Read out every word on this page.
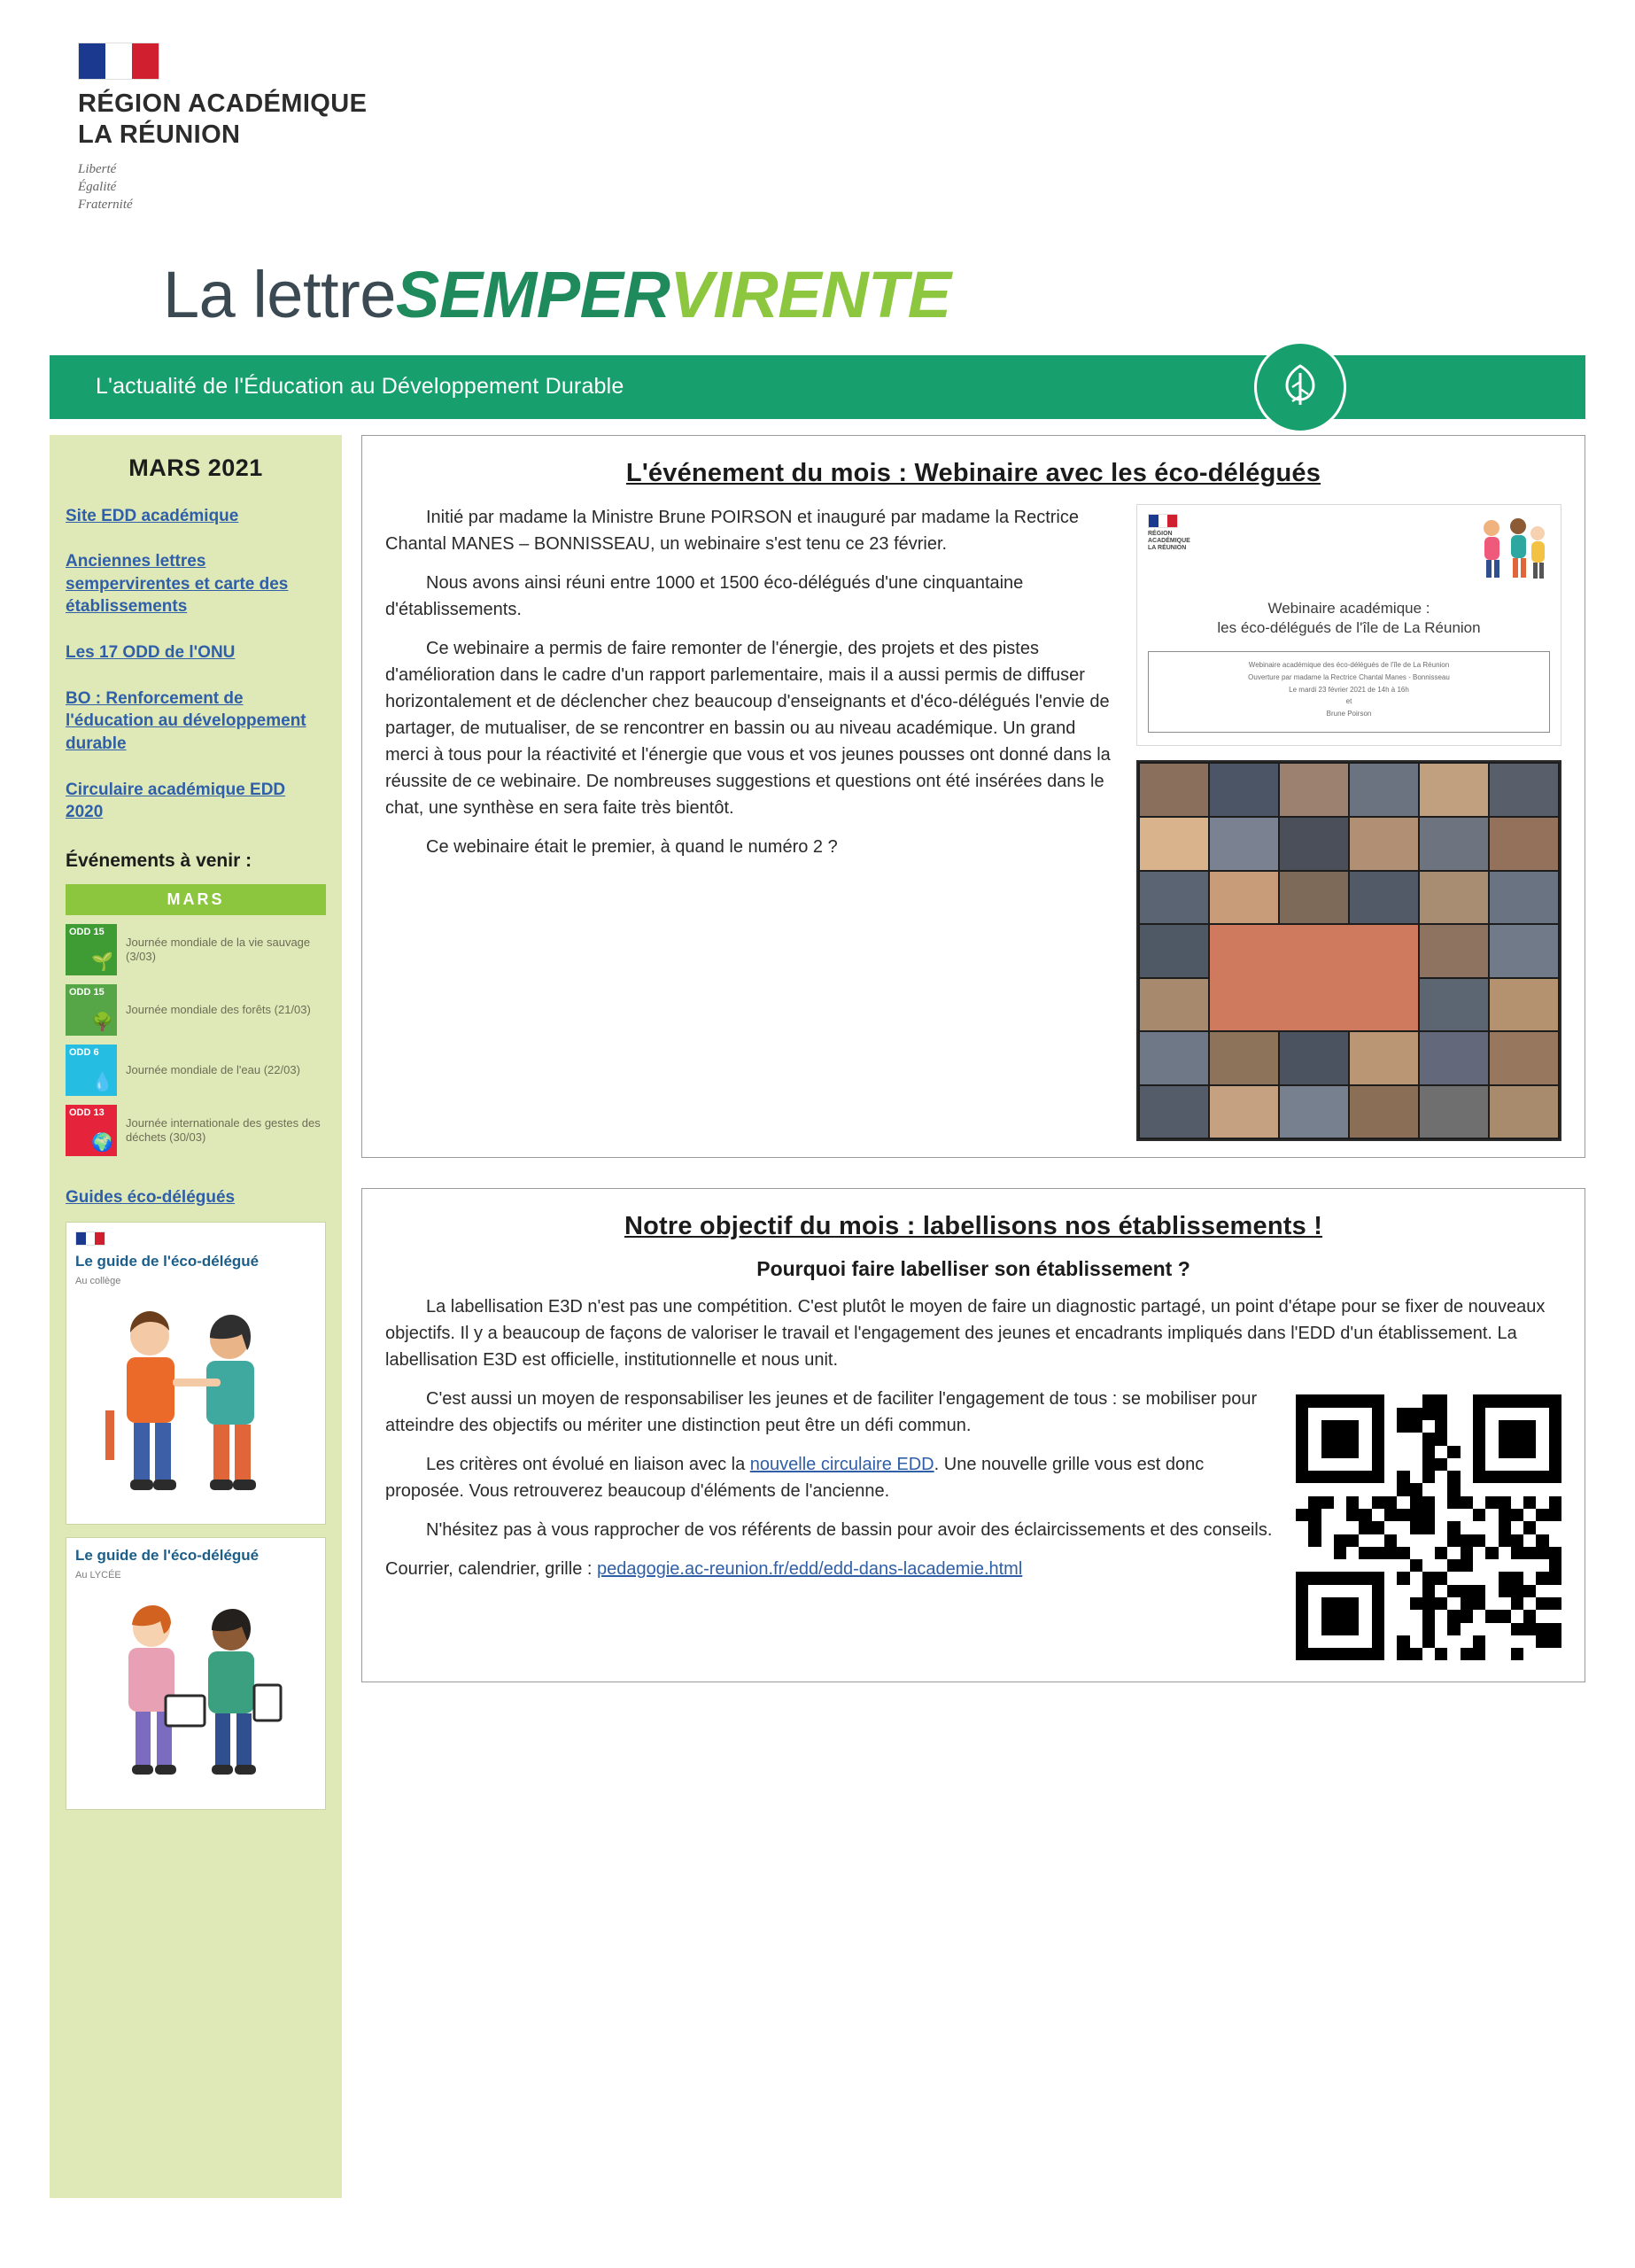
RÉGION ACADÉMIQUE
LA RÉUNION
Liberté
Égalité
Fraternité
La lettre SEMPER VIRENTE
L'actualité de l'Éducation au Développement Durable
MARS 2021
Site EDD académique
Anciennes lettres sempervirentes et carte des établissements
Les 17 ODD de l'ONU
BO : Renforcement de l'éducation au développement durable
Circulaire académique EDD 2020
Événements à venir :
MARS
ODD 15
🌱
Journée mondiale de la vie sauvage (3/03)
ODD 15
🌳
Journée mondiale des forêts (21/03)
ODD 6
💧
Journée mondiale de l'eau (22/03)
ODD 13
🌍
Journée internationale des gestes des déchets (30/03)
Guides éco-délégués
Le guide de l'éco-délégué
Au collège
Le guide de l'éco-délégué
Au LYCÉE
L'événement du mois : Webinaire avec les éco-délégués

Initié par madame la Ministre Brune POIRSON et inauguré par madame la Rectrice Chantal MANES – BONNISSEAU, un webinaire s'est tenu ce 23 février.

Nous avons ainsi réuni entre 1000 et 1500 éco-délégués d'une cinquantaine d'établissements.

Ce webinaire a permis de faire remonter de l'énergie, des projets et des pistes d'amélioration dans le cadre d'un rapport parlementaire, mais il a aussi permis de diffuser horizontalement et de déclencher chez beaucoup d'enseignants et d'éco-délégués l'envie de partager, de mutualiser, de se rencontrer en bassin ou au niveau académique. Un grand merci à tous pour la réactivité et l'énergie que vous et vos jeunes pousses ont donné dans la réussite de ce webinaire. De nombreuses suggestions et questions ont été insérées dans le chat, une synthèse en sera faite très bientôt.

Ce webinaire était le premier, à quand le numéro 2 ?

RÉGION
ACADÉMIQUE
LA RÉUNION
Webinaire académique :
les éco-délégués de l'île de La Réunion
Webinaire académique des éco-délégués de l'île de La Réunion
Ouverture par madame la Rectrice Chantal Manes - Bonnisseau
Le mardi 23 février 2021 de 14h à 16h
et
Brune Poirson
Notre objectif du mois : labellisons nos établissements !
Pourquoi faire labelliser son établissement ?

La labellisation E3D n'est pas une compétition. C'est plutôt le moyen de faire un diagnostic partagé, un point d'étape pour se fixer de nouveaux objectifs. Il y a beaucoup de façons de valoriser le travail et l'engagement des jeunes et encadrants impliqués dans l'EDD d'un établissement. La labellisation E3D est officielle, institutionnelle et nous unit.

C'est aussi un moyen de responsabiliser les jeunes et de faciliter l'engagement de tous : se mobiliser pour atteindre des objectifs ou mériter une distinction peut être un défi commun.

Les critères ont évolué en liaison avec la nouvelle circulaire EDD. Une nouvelle grille vous est donc proposée. Vous retrouverez beaucoup d'éléments de l'ancienne.

N'hésitez pas à vous rapprocher de vos référents de bassin pour avoir des éclaircissements et des conseils.

Courrier, calendrier, grille : pedagogie.ac-reunion.fr/edd/edd-dans-lacademie.html
